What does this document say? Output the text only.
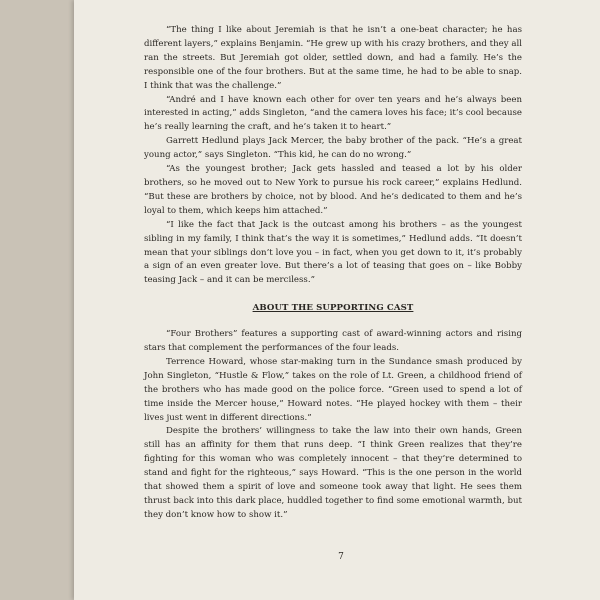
“The thing I like about Jeremiah is that he isn’t a one-beat character; he has different layers,” explains Benjamin. “He grew up with his crazy brothers, and they all ran the streets. But Jeremiah got older, settled down, and had a family. He’s the responsible one of the four brothers. But at the same time, he had to be able to snap. I think that was the challenge.”

“André and I have known each other for over ten years and he’s always been interested in acting,” adds Singleton, “and the camera loves his face; it’s cool because he’s really learning the craft, and he’s taken it to heart.”

Garrett Hedlund plays Jack Mercer, the baby brother of the pack. “He’s a great young actor,” says Singleton. “This kid, he can do no wrong.”

“As the youngest brother; Jack gets hassled and teased a lot by his older brothers, so he moved out to New York to pursue his rock career,” explains Hedlund. “But these are brothers by choice, not by blood. And he’s dedicated to them and he’s loyal to them, which keeps him attached.”

“I like the fact that Jack is the outcast among his brothers – as the youngest sibling in my family, I think that’s the way it is sometimes,” Hedlund adds. “It doesn’t mean that your siblings don’t love you – in fact, when you get down to it, it’s probably a sign of an even greater love. But there’s a lot of teasing that goes on – like Bobby teasing Jack – and it can be merciless.”

ABOUT THE SUPPORTING CAST

“Four Brothers” features a supporting cast of award-winning actors and rising stars that complement the performances of the four leads.

Terrence Howard, whose star-making turn in the Sundance smash produced by John Singleton, “Hustle & Flow,” takes on the role of Lt. Green, a childhood friend of the brothers who has made good on the police force. “Green used to spend a lot of time inside the Mercer house,” Howard notes. “He played hockey with them – their lives just went in different directions.”

Despite the brothers’ willingness to take the law into their own hands, Green still has an affinity for them that runs deep. “I think Green realizes that they’re fighting for this woman who was completely innocent – that they’re determined to stand and fight for the righteous,” says Howard. “This is the one person in the world that showed them a spirit of love and someone took away that light. He sees them thrust back into this dark place, huddled together to find some emotional warmth, but they don’t know how to show it.”

7
